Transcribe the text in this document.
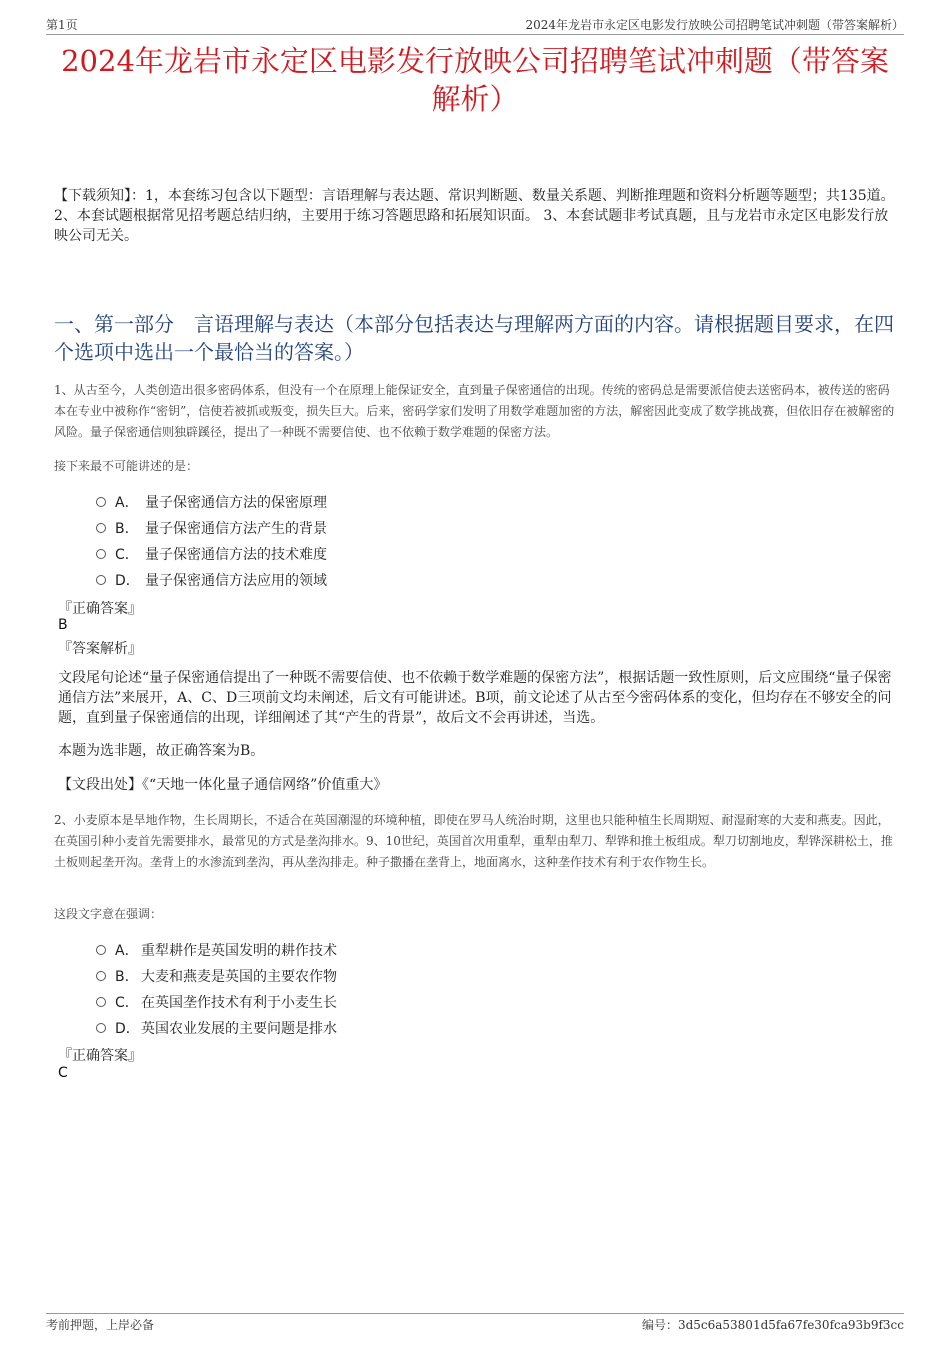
第1页	2024年龙岩市永定区电影发行放映公司招聘笔试冲刺题（带答案解析）
2024年龙岩市永定区电影发行放映公司招聘笔试冲刺题（带答案解析）
【下载须知】：1，本套练习包含以下题型：言语理解与表达题、常识判断题、数量关系题、判断推理题和资料分析题等题型；共135道。 2、本套试题根据常见招考题总结归纳，主要用于练习答题思路和拓展知识面。 3、本套试题非考试真题，且与龙岩市永定区电影发行放映公司无关。
一、第一部分　言语理解与表达（本部分包括表达与理解两方面的内容。请根据题目要求，在四个选项中选出一个最恰当的答案。）
1、从古至今，人类创造出很多密码体系，但没有一个在原理上能保证安全，直到量子保密通信的出现。传统的密码总是需要派信使去送密码本，被传送的密码本在专业中被称作“密钥”，信使若被抓或叛变，损失巨大。后来，密码学家们发明了用数学难题加密的方法，解密因此变成了数学挑战赛，但依旧存在被解密的风险。量子保密通信则独辟蹊径，提出了一种既不需要信使、也不依赖于数学难题的保密方法。
接下来最不可能讲述的是：
A． 量子保密通信方法的保密原理
B． 量子保密通信方法产生的背景
C． 量子保密通信方法的技术难度
D． 量子保密通信方法应用的领域
『正确答案』
B
『答案解析』
文段尾句论述“量子保密通信提出了一种既不需要信使、也不依赖于数学难题的保密方法”，根据话题一致性原则，后文应围绕“量子保密通信方法”来展开，A、C、D三项前文均未阐述，后文有可能讲述。B项，前文论述了从古至今密码体系的变化，但均存在不够安全的问题，直到量子保密通信的出现，详细阐述了其“产生的背景”，故后文不会再讲述，当选。
本题为选非题，故正确答案为B。
【文段出处】《“天地一体化量子通信网络”价值重大》
2、小麦原本是旱地作物，生长周期长，不适合在英国潮湿的环境种植，即使在罗马人统治时期，这里也只能种植生长周期短、耐湿耐寒的大麦和燕麦。因此，在英国引种小麦首先需要排水，最常见的方式是垄沟排水。9、10世纪，英国首次用重犁，重犁由犁刀、犁铧和推土板组成。犁刀切割地皮，犁铧深耕松土，推土板则起垄开沟。垄背上的水渗流到垄沟，再从垄沟排走。种子撒播在垄背上，地面离水，这种垄作技术有利于农作物生长。
这段文字意在强调：
A． 重犁耕作是英国发明的耕作技术
B． 大麦和燕麦是英国的主要农作物
C． 在英国垄作技术有利于小麦生长
D．英国农业发展的主要问题是排水
『正确答案』
C
考前押题，上岸必备	编号：3d5c6a53801d5fa67fe30fca93b9f3cc
